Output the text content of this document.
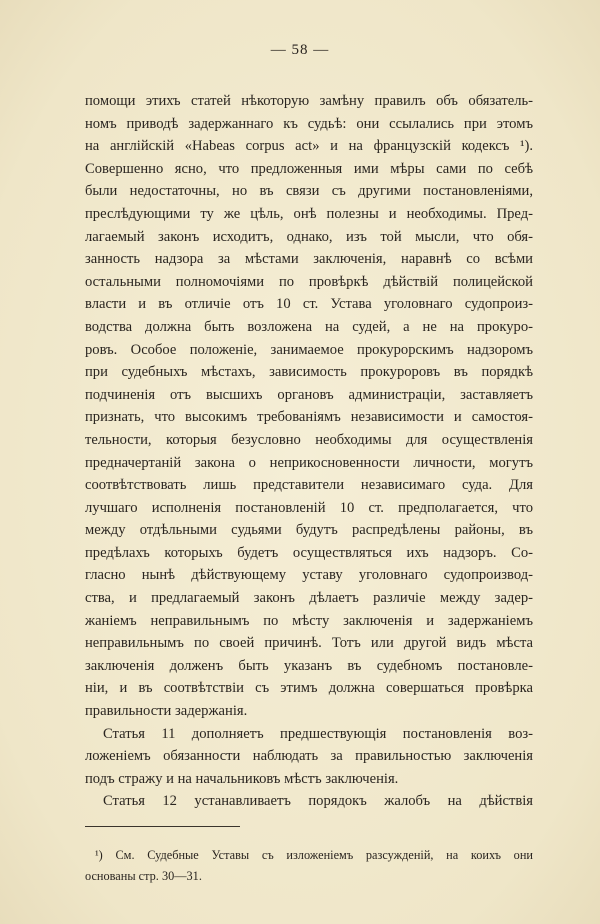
— 58 —
помощи этихъ статей нѣкоторую замѣну правилъ объ обязатель-
номъ приводѣ задержаннаго къ судьѣ: они ссылались при этомъ
на англійскій «Habeas corpus act» и на французскій кодексъ ¹).
Совершенно ясно, что предложенныя ими мѣры сами по себѣ
были недостаточны, но въ связи съ другими постановленіями,
преслѣдующими ту же цѣль, онѣ полезны и необходимы. Пред-
лагаемый законъ исходитъ, однако, изъ той мысли, что обя-
занность надзора за мѣстами заключенія, наравнѣ со всѣми
остальными полномочіями по провѣркѣ дѣйствій полицейской
власти и въ отличіе отъ 10 ст. Устава уголовнаго судопроиз-
водства должна быть возложена на судей, а не на прокуро-
ровъ. Особое положеніе, занимаемое прокурорскимъ надзоромъ
при судебныхъ мѣстахъ, зависимость прокуроровъ въ порядкѣ
подчиненія отъ высшихъ органовъ администраціи, заставляетъ
признать, что высокимъ требованіямъ независимости и самостоя-
тельности, которыя безусловно необходимы для осуществленія
предначертаній закона о неприкосновенности личности, могутъ
соотвѣтствовать лишь представители независимаго суда. Для
лучшаго исполненія постановленій 10 ст. предполагается, что
между отдѣльными судьями будутъ распредѣлены районы, въ
предѣлахъ которыхъ будетъ осуществляться ихъ надзоръ. Со-
гласно нынѣ дѣйствующему уставу уголовнаго судопроизвод-
ства, и предлагаемый законъ дѣлаетъ различіе между задер-
жаніемъ неправильнымъ по мѣсту заключенія и задержаніемъ
неправильнымъ по своей причинѣ. Тотъ или другой видъ мѣста
заключенія долженъ быть указанъ въ судебномъ постановле-
ніи, и въ соотвѣтствіи съ этимъ должна совершаться провѣрка
правильности задержанія.
Статья 11 дополняетъ предшествующія постановленія воз-
ложеніемъ обязанности наблюдать за правильностью заключенія
подъ стражу и на начальниковъ мѣстъ заключенія.
Статья 12 устанавливаетъ порядокъ жалобъ на дѣйствія
¹) См. Судебные Уставы съ изложеніемъ разсужденій, на коихъ они
основаны стр. 30—31.
